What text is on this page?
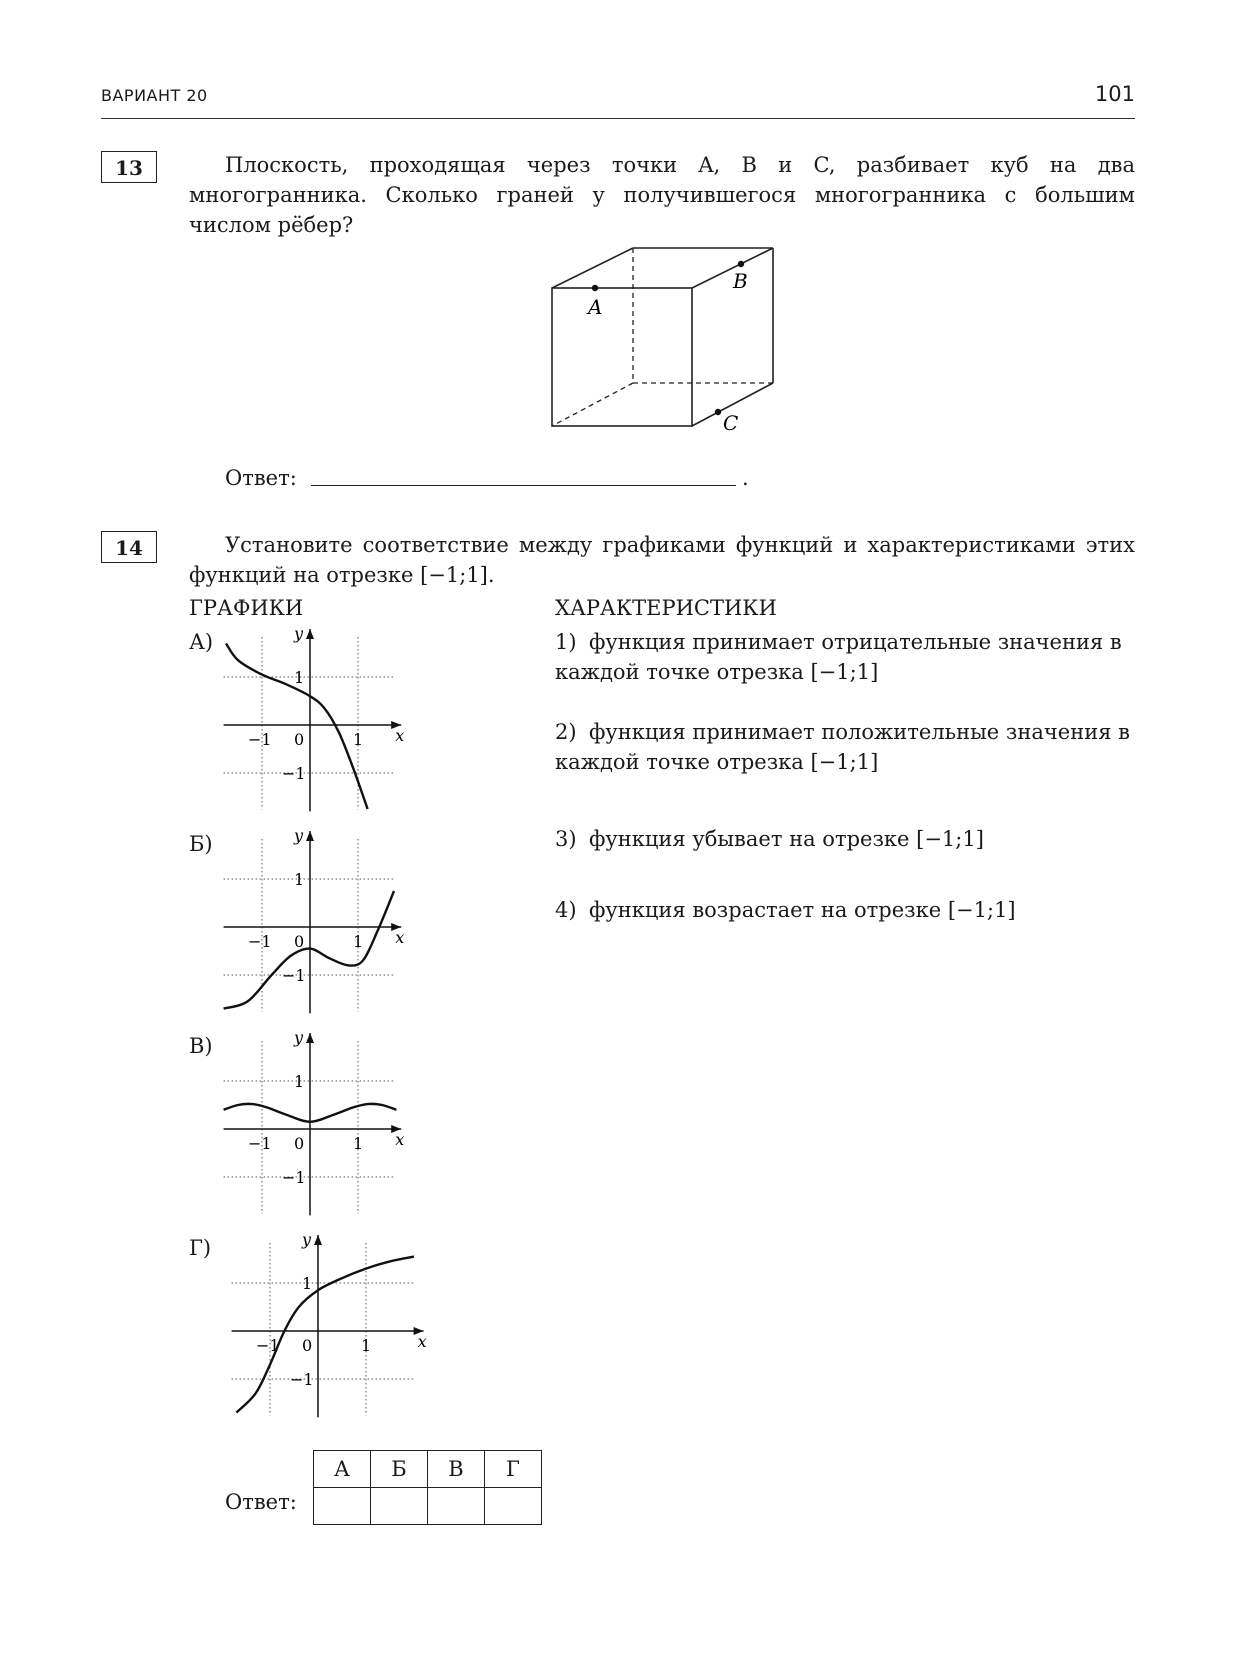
ВАРИАНТ 20	101
13	Плоскость, проходящая через точки A, B и C, разбивает куб на два многогранника. Сколько граней у получившегося многогранника с большим числом рёбер?
A
B
C
Ответ:	.
14	Установите соответствие между графиками функций и характеристиками этих функций на отрезке [−1;1].
ГРАФИКИ	ХАРАКТЕРИСТИКИ
А)
Б)
В)
Г)
x
y
−1 0	1
1
−1
x
y
−1 0	1
1
−1
x
y
−1 0	1
1
−1
x
y
−1 0	1
1
−1
1) функция принимает отрицательные значения в каждой точке отрезка [−1;1]
2) функция принимает положительные значения в каждой точке отрезка [−1;1]
3) функция убывает на отрезке [−1;1]
4) функция возрастает на отрезке [−1;1]
Ответ:
А	Б	В	Г
